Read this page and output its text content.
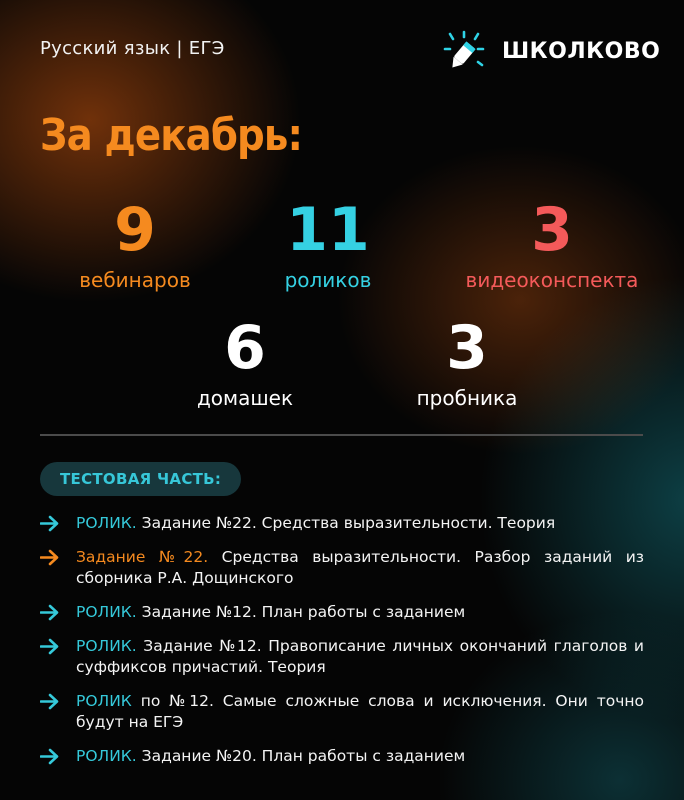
Русский язык | ЕГЭ	ШКОЛКОВО
За декабрь:
9
вебинаров
11
роликов
3
видеоконспекта
6
домашек
3
пробника
ТЕСТОВАЯ ЧАСТЬ:
РОЛИК. Задание №22. Средства выразительности. Теория
Задание №22. Средства выразительности. Разбор заданий из сборника Р.А. Дощинского
РОЛИК. Задание №12. План работы с заданием
РОЛИК. Задание №12. Правописание личных окончаний глаголов и суффиксов причастий. Теория
РОЛИК по №12. Самые сложные слова и исключения. Они точно будут на ЕГЭ
РОЛИК. Задание №20. План работы с заданием
